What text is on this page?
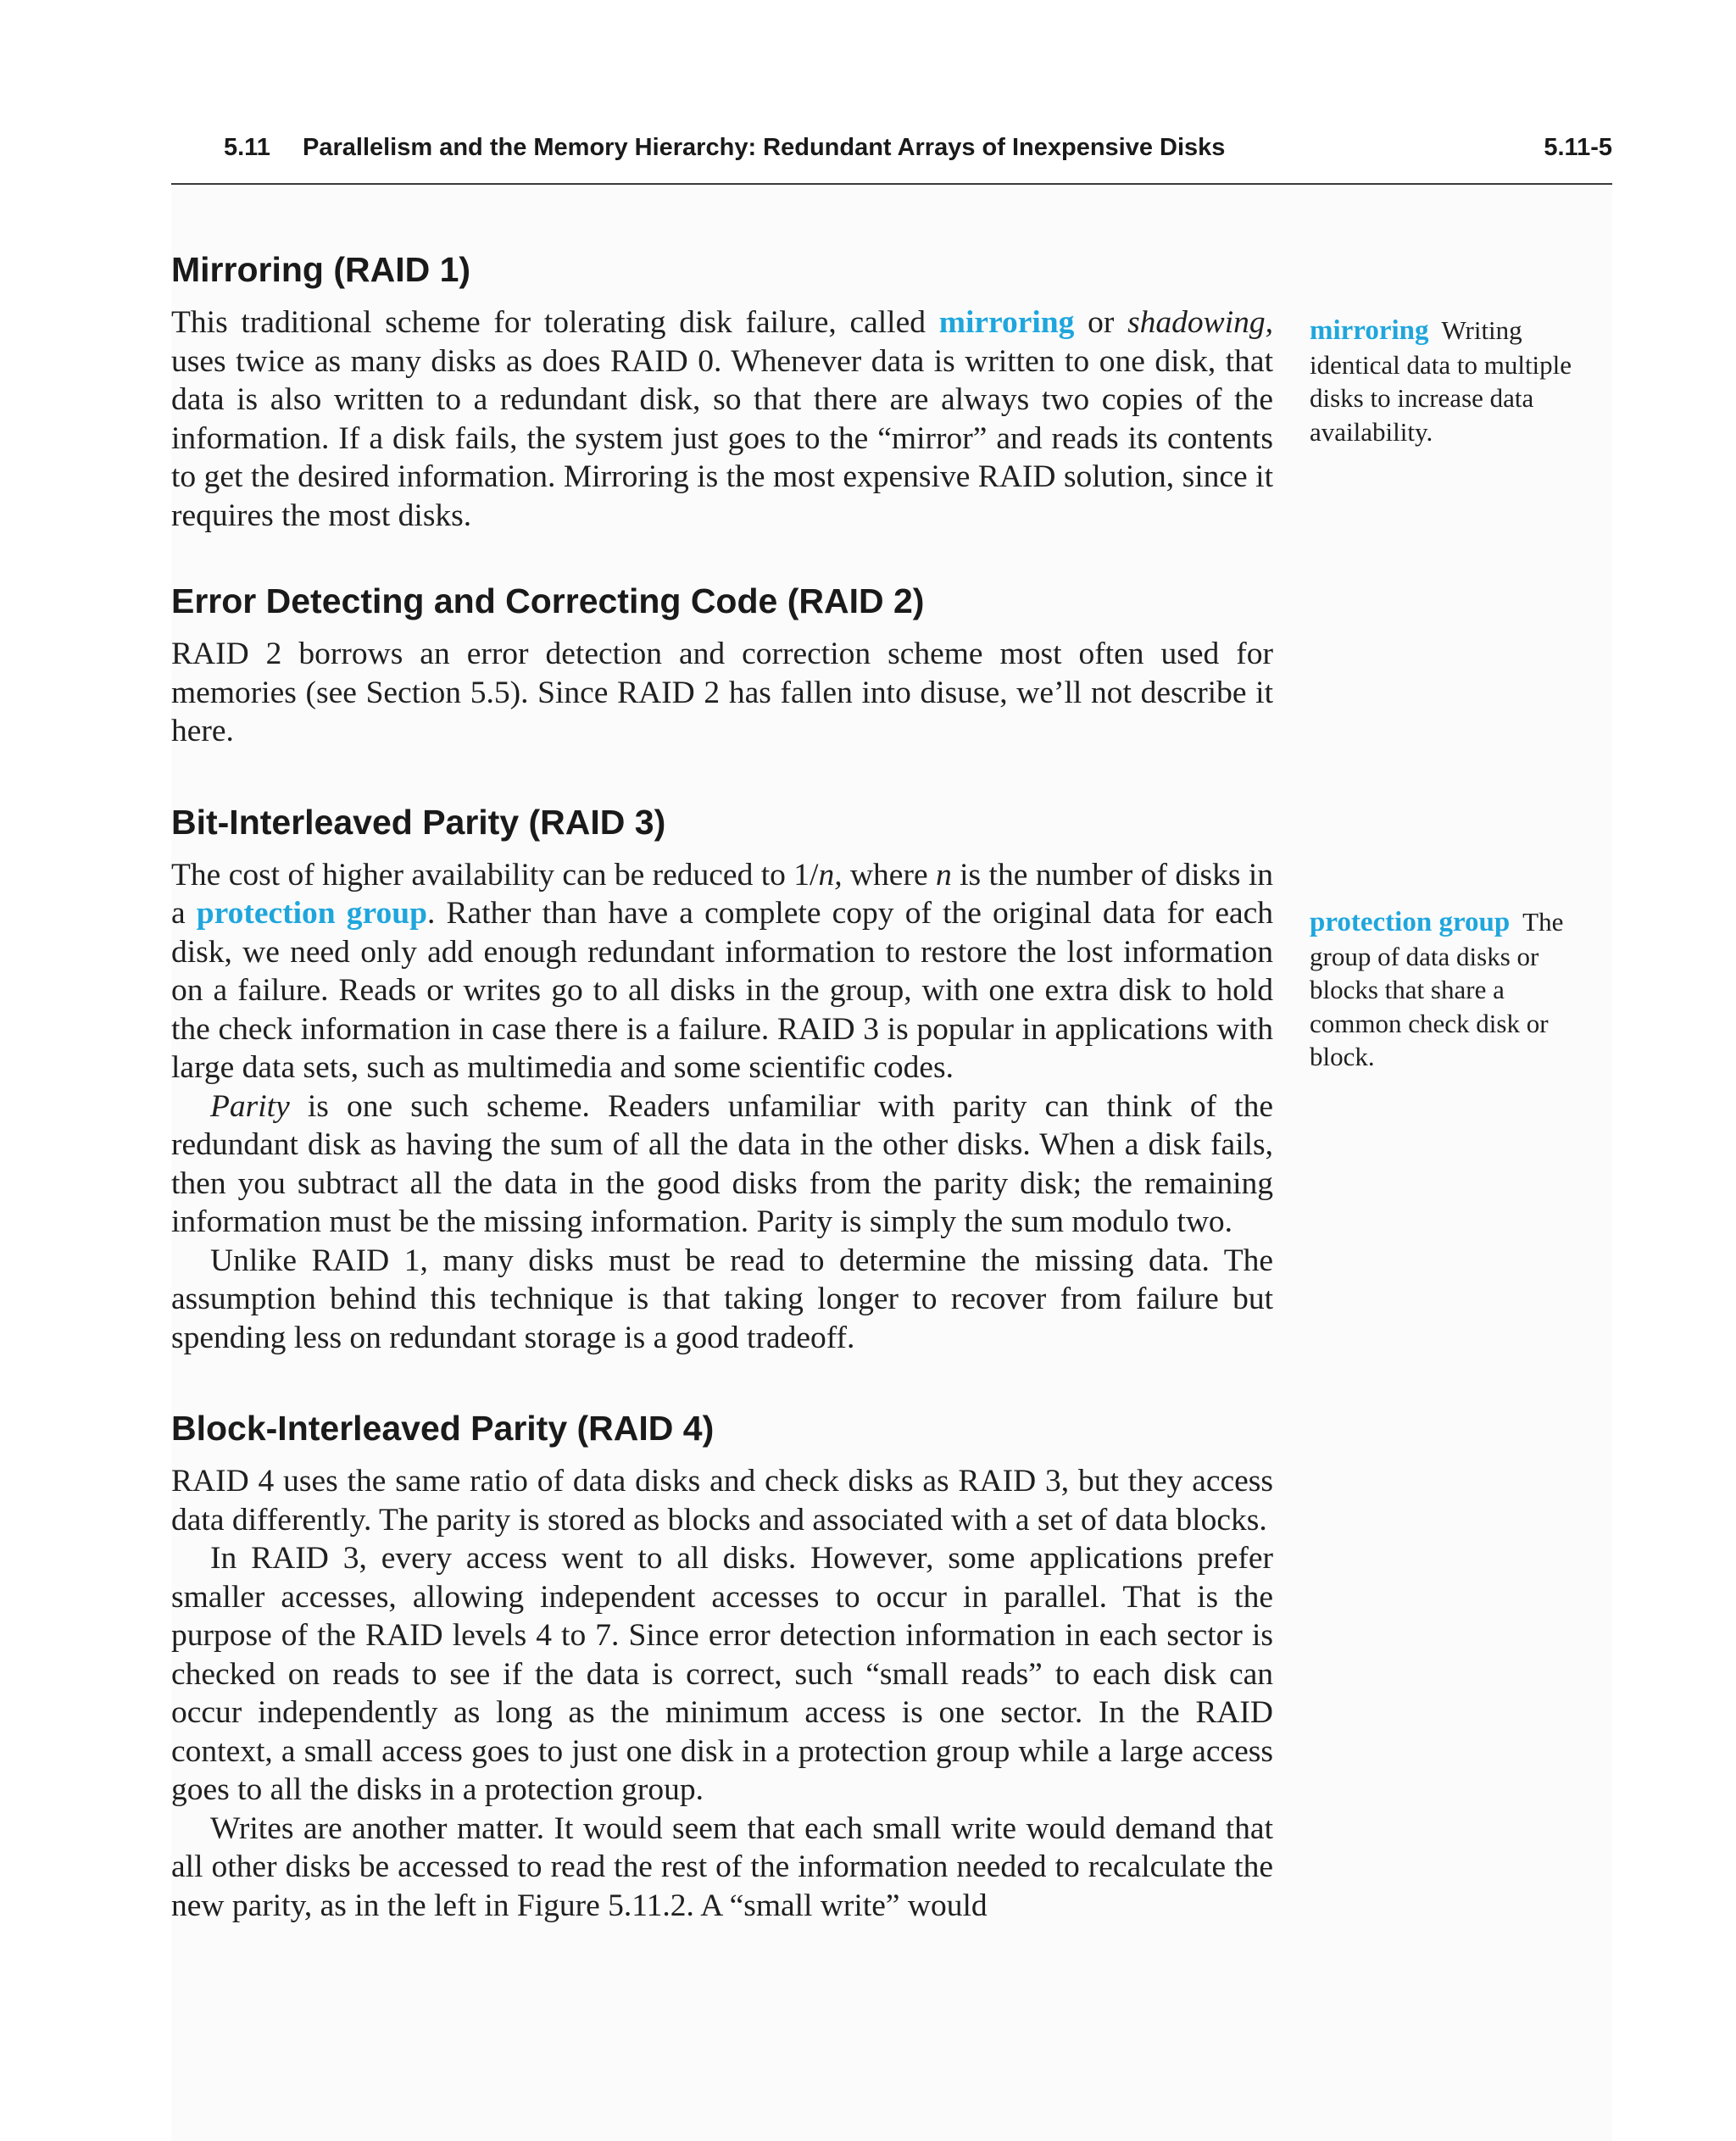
5.11 Parallelism and the Memory Hierarchy: Redundant Arrays of Inexpensive Disks	5.11-5
Mirroring (RAID 1)

This traditional scheme for tolerating disk failure, called mirroring or shadowing, uses twice as many disks as does RAID 0. Whenever data is written to one disk, that data is also written to a redundant disk, so that there are always two copies of the information. If a disk fails, the system just goes to the “mirror” and reads its contents to get the desired information. Mirroring is the most expensive RAID solution, since it requires the most disks.

Error Detecting and Correcting Code (RAID 2)

RAID 2 borrows an error detection and correction scheme most often used for memories (see Section 5.5). Since RAID 2 has fallen into disuse, we’ll not describe it here.

Bit-Interleaved Parity (RAID 3)

The cost of higher availability can be reduced to 1/n, where n is the number of disks in a protection group. Rather than have a complete copy of the original data for each disk, we need only add enough redundant information to restore the lost information on a failure. Reads or writes go to all disks in the group, with one extra disk to hold the check information in case there is a failure. RAID 3 is popular in applications with large data sets, such as multimedia and some scientific codes.

Parity is one such scheme. Readers unfamiliar with parity can think of the redundant disk as having the sum of all the data in the other disks. When a disk fails, then you subtract all the data in the good disks from the parity disk; the remaining information must be the missing information. Parity is simply the sum modulo two.

Unlike RAID 1, many disks must be read to determine the missing data. The assumption behind this technique is that taking longer to recover from failure but spending less on redundant storage is a good tradeoff.

Block-Interleaved Parity (RAID 4)

RAID 4 uses the same ratio of data disks and check disks as RAID 3, but they access data differently. The parity is stored as blocks and associated with a set of data blocks.

In RAID 3, every access went to all disks. However, some applications prefer smaller accesses, allowing independent accesses to occur in parallel. That is the purpose of the RAID levels 4 to 7. Since error detection information in each sector is checked on reads to see if the data is correct, such “small reads” to each disk can occur independently as long as the minimum access is one sector. In the RAID context, a small access goes to just one disk in a protection group while a large access goes to all the disks in a protection group.

Writes are another matter. It would seem that each small write would demand that all other disks be accessed to read the rest of the information needed to recalculate the new parity, as in the left in Figure 5.11.2. A “small write” would

mirroring Writing identical data to multiple disks to increase data availability.
protection group The group of data disks or blocks that share a common check disk or block.
